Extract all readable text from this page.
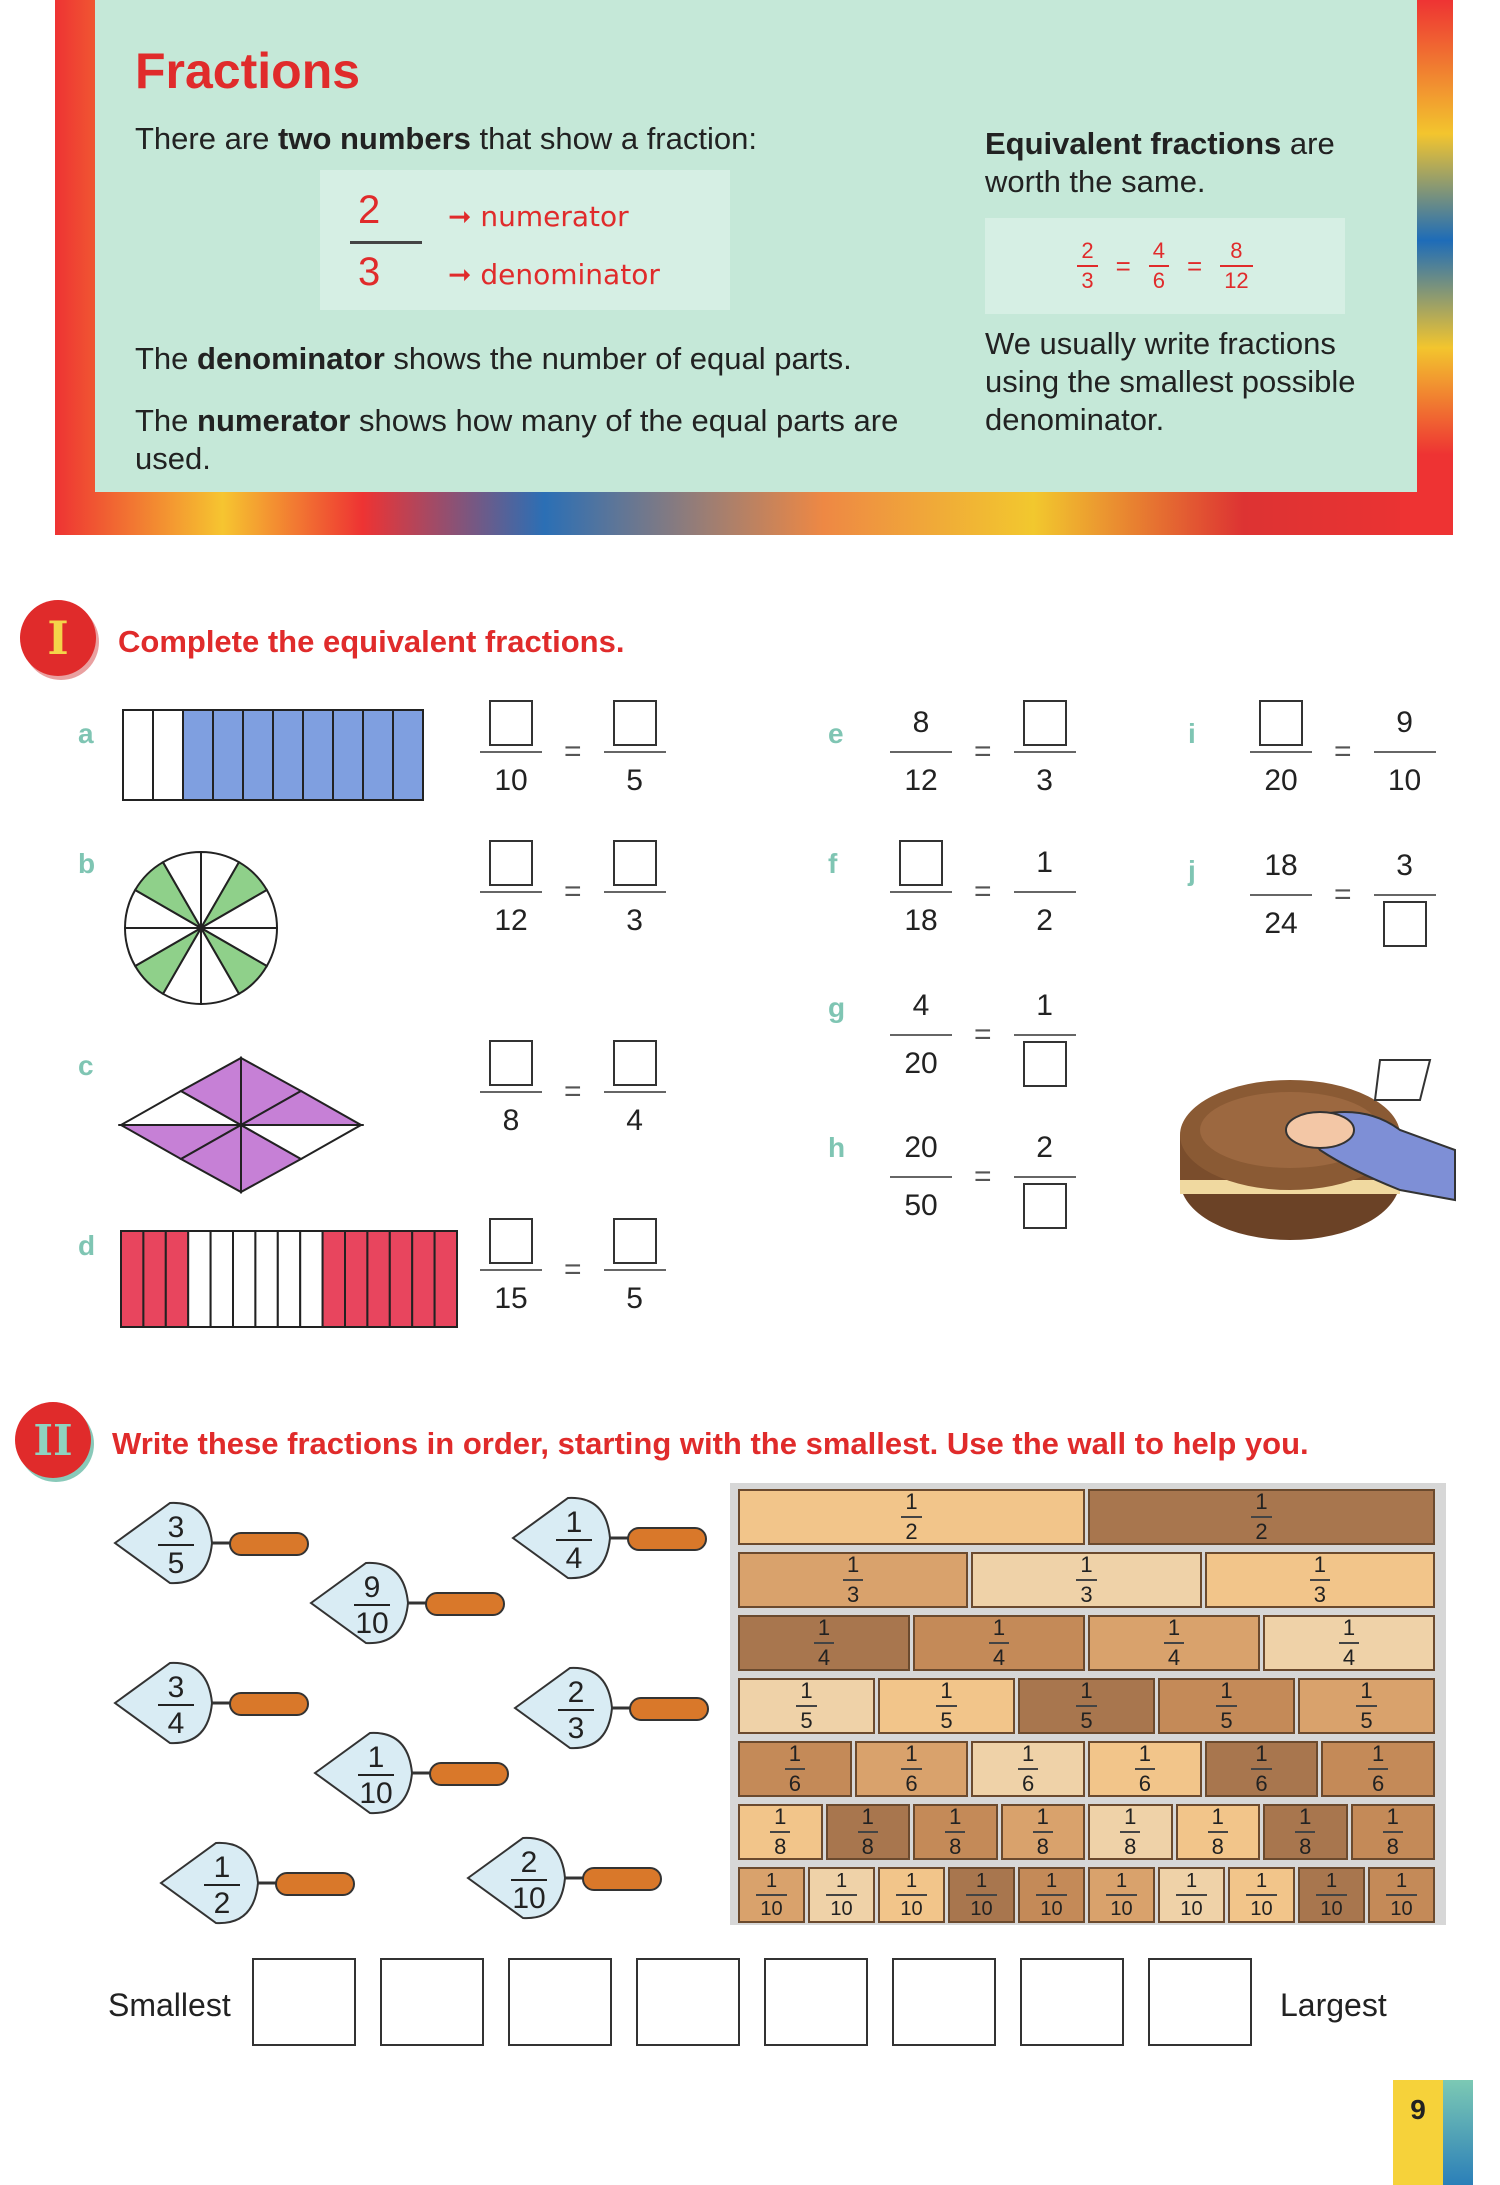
Fractions
There are two numbers that show a fraction:
2
3
➞ numerator
➞ denominator
The denominator shows the number of equal parts.
The numerator shows how many of the equal parts are used.
Equivalent fractions are worth the same.
$\frac{2}{3} = \frac{4}{6} = \frac{8}{12}$
We usually write fractions using the smallest possible denominator.
I	Complete the equivalent fractions.
a
10
=
5
b
12
=
3
c
8
=
4
d
15
=
5
e 8
12
=
3
f
18
=
1
2
g 4
20
=
1
h 20
50
=
2
i
20
=
9
10
j 18
24
=
3
II	Write these fractions in order, starting with the smallest. Use the wall to help you.
3
5
9
10
1
4
3
4
1
10
2
3
1
2
2
10
$\frac{1}{2}$	$\frac{1}{2}$
$\frac{1}{3}$	$\frac{1}{3}$	$\frac{1}{3}$
$\frac{1}{4}$	$\frac{1}{4}$	$\frac{1}{4}$	$\frac{1}{4}$
$\frac{1}{5}$	$\frac{1}{5}$	$\frac{1}{5}$	$\frac{1}{5}$	$\frac{1}{5}$
$\frac{1}{6}$	$\frac{1}{6}$	$\frac{1}{6}$	$\frac{1}{6}$	$\frac{1}{6}$	$\frac{1}{6}$
$\frac{1}{8}$	$\frac{1}{8}$	$\frac{1}{8}$	$\frac{1}{8}$	$\frac{1}{8}$	$\frac{1}{8}$	$\frac{1}{8}$	$\frac{1}{8}$
$\frac{1}{10} \frac{1}{10} \frac{1}{10} \frac{1}{10} \frac{1}{10} \frac{1}{10} \frac{1}{10} \frac{1}{10} \frac{1}{10} \frac{1}{10}$
Smallest	Largest
9
